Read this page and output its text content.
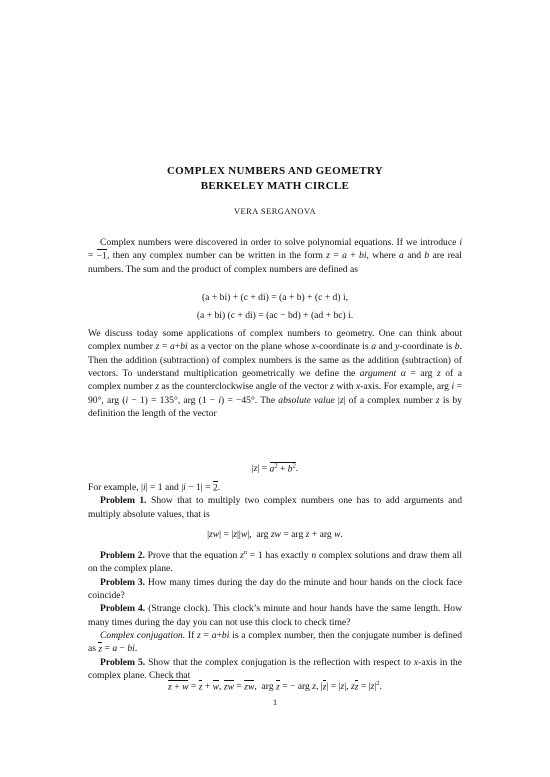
COMPLEX NUMBERS AND GEOMETRY
BERKELEY MATH CIRCLE
VERA SERGANOVA

Complex numbers were discovered in order to solve polynomial equations. If we introduce i = −1, then any complex number can be written in the form z = a + bi, where a and b are real numbers. The sum and the product of complex numbers are defined as

(a + bi) + (c + di) = (a + b) + (c + d) i,
(a + bi) (c + di) = (ac − bd) + (ad + bc) i.

We discuss today some applications of complex numbers to geometry. One can think about complex number z = a+bi as a vector on the plane whose x-coordinate is a and y-coordinate is b. Then the addition (subtraction) of complex numbers is the same as the addition (subtraction) of vectors. To understand multiplication geometrically we define the argument α = arg z of a complex number z as the counterclockwise angle of the vector z with x-axis. For example, arg i = 90°, arg (i − 1) = 135°, arg (1 − i) = −45°. The absolute value |z| of a complex number z is by definition the length of the vector

$|z| = a^2 + b^2$.

For example, |i| = 1 and |i − 1| = 2.

Problem 1. Show that to multiply two complex numbers one has to add arguments and multiply absolute values, that is

|zw| = |z||w|,  arg zw = arg z + arg w.

Problem 2. Prove that the equation $z^n = 1$ has exactly n complex solutions and draw them all on the complex plane.

Problem 3. How many times during the day do the minute and hour hands on the clock face coincide?

Problem 4. (Strange clock). This clock’s minute and hour hands have the same length. How many times during the day you can not use this clock to check time?

Complex conjugation. If z = a+bi is a complex number, then the conjugate number is defined as z = a − bi.

Problem 5. Show that the complex conjugation is the reflection with respect to x-axis in the complex plane. Check that

z + w = z + w, zw = zw,  arg z = − arg z, |z| = |z|, zz = $|z|^2$.
1
